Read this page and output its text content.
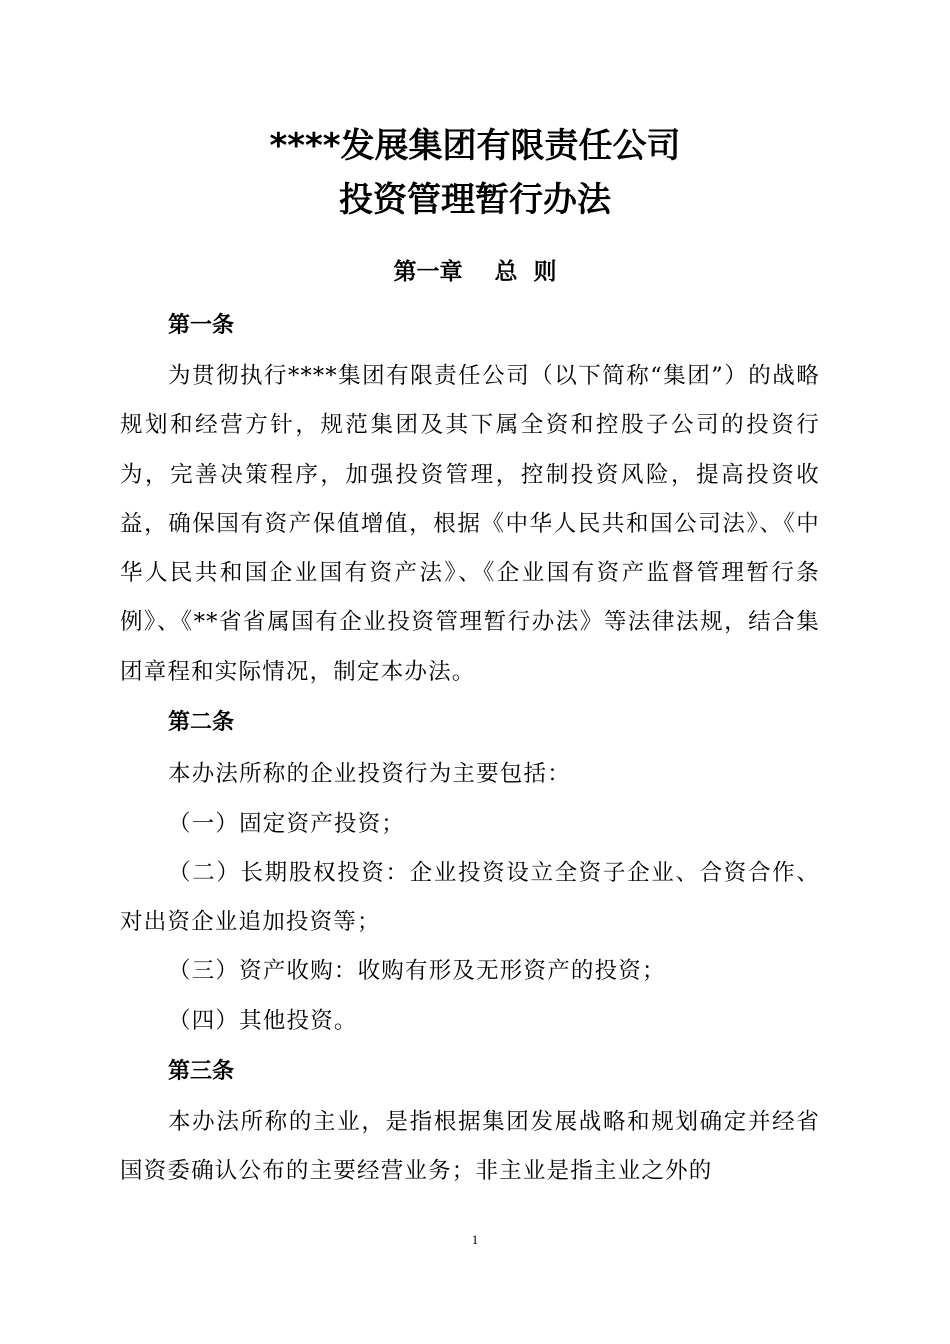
****发展集团有限责任公司
投资管理暂行办法
第一章    总  则
第一条

为贯彻执行****集团有限责任公司（以下简称“集团”）的战略规划和经营方针，规范集团及其下属全资和控股子公司的投资行为，完善决策程序，加强投资管理，控制投资风险，提高投资收益，确保国有资产保值增值，根据《中华人民共和国公司法》、《中华人民共和国企业国有资产法》、《企业国有资产监督管理暂行条例》、《**省省属国有企业投资管理暂行办法》等法律法规，结合集团章程和实际情况，制定本办法。

第二条

本办法所称的企业投资行为主要包括：

（一）固定资产投资；

（二）长期股权投资：企业投资设立全资子企业、合资合作、对出资企业追加投资等；

（三）资产收购：收购有形及无形资产的投资；

（四）其他投资。

第三条

本办法所称的主业，是指根据集团发展战略和规划确定并经省国资委确认公布的主要经营业务；非主业是指主业之外的

1
